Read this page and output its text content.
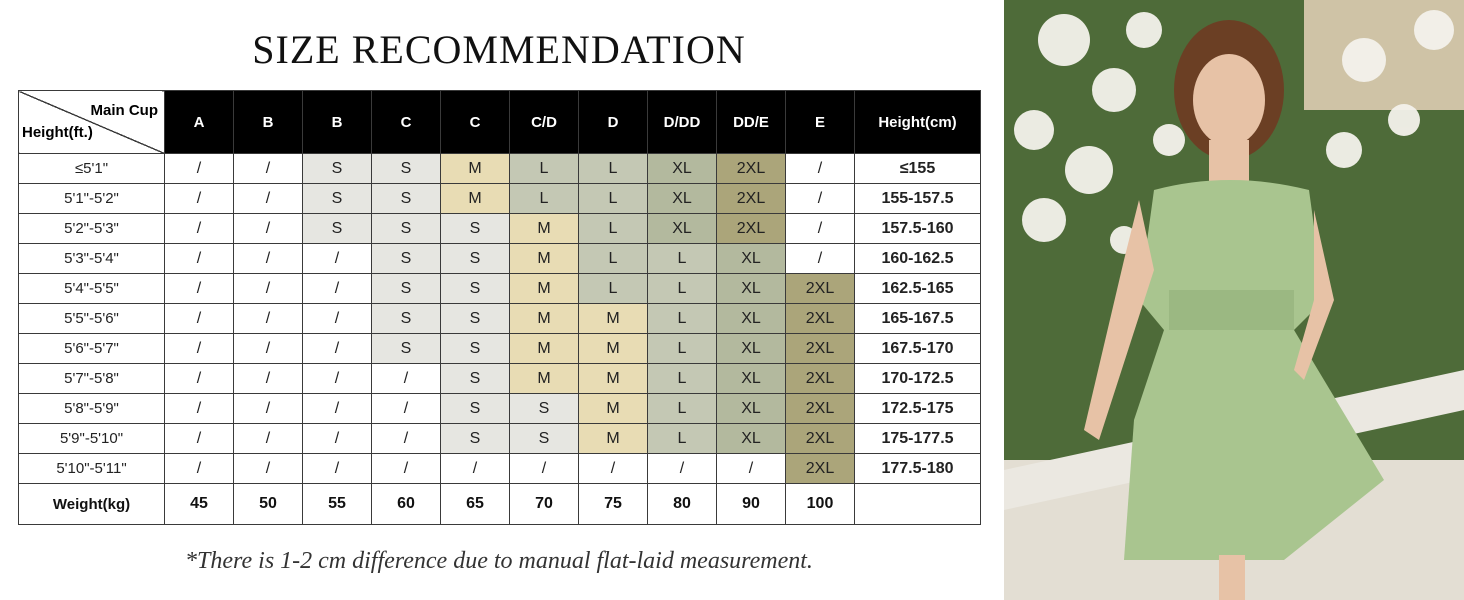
SIZE RECOMMENDATION
Main Cup
Height(ft.)	A	B	B	C	C	C/D	D	D/DD	DD/E	E	Height(cm)
≤5'1"	/	/	S	S	M	L	L	XL	2XL	/	≤155
5'1"-5'2"	/	/	S	S	M	L	L	XL	2XL	/	155-157.5
5'2"-5'3"	/	/	S	S	S	M	L	XL	2XL	/	157.5-160
5'3"-5'4"	/	/	/	S	S	M	L	L	XL	/	160-162.5
5'4"-5'5"	/	/	/	S	S	M	L	L	XL	2XL	162.5-165
5'5"-5'6"	/	/	/	S	S	M	M	L	XL	2XL	165-167.5
5'6"-5'7"	/	/	/	S	S	M	M	L	XL	2XL	167.5-170
5'7"-5'8"	/	/	/	/	S	M	M	L	XL	2XL	170-172.5
5'8"-5'9"	/	/	/	/	S	S	M	L	XL	2XL	172.5-175
5'9"-5'10"	/	/	/	/	S	S	M	L	XL	2XL	175-177.5
5'10"-5'11"	/	/	/	/	/	/	/	/	/	2XL	177.5-180
Weight(kg)	45	50	55	60	65	70	75	80	90	100	
*There is 1-2 cm difference due to manual flat-laid measurement.
